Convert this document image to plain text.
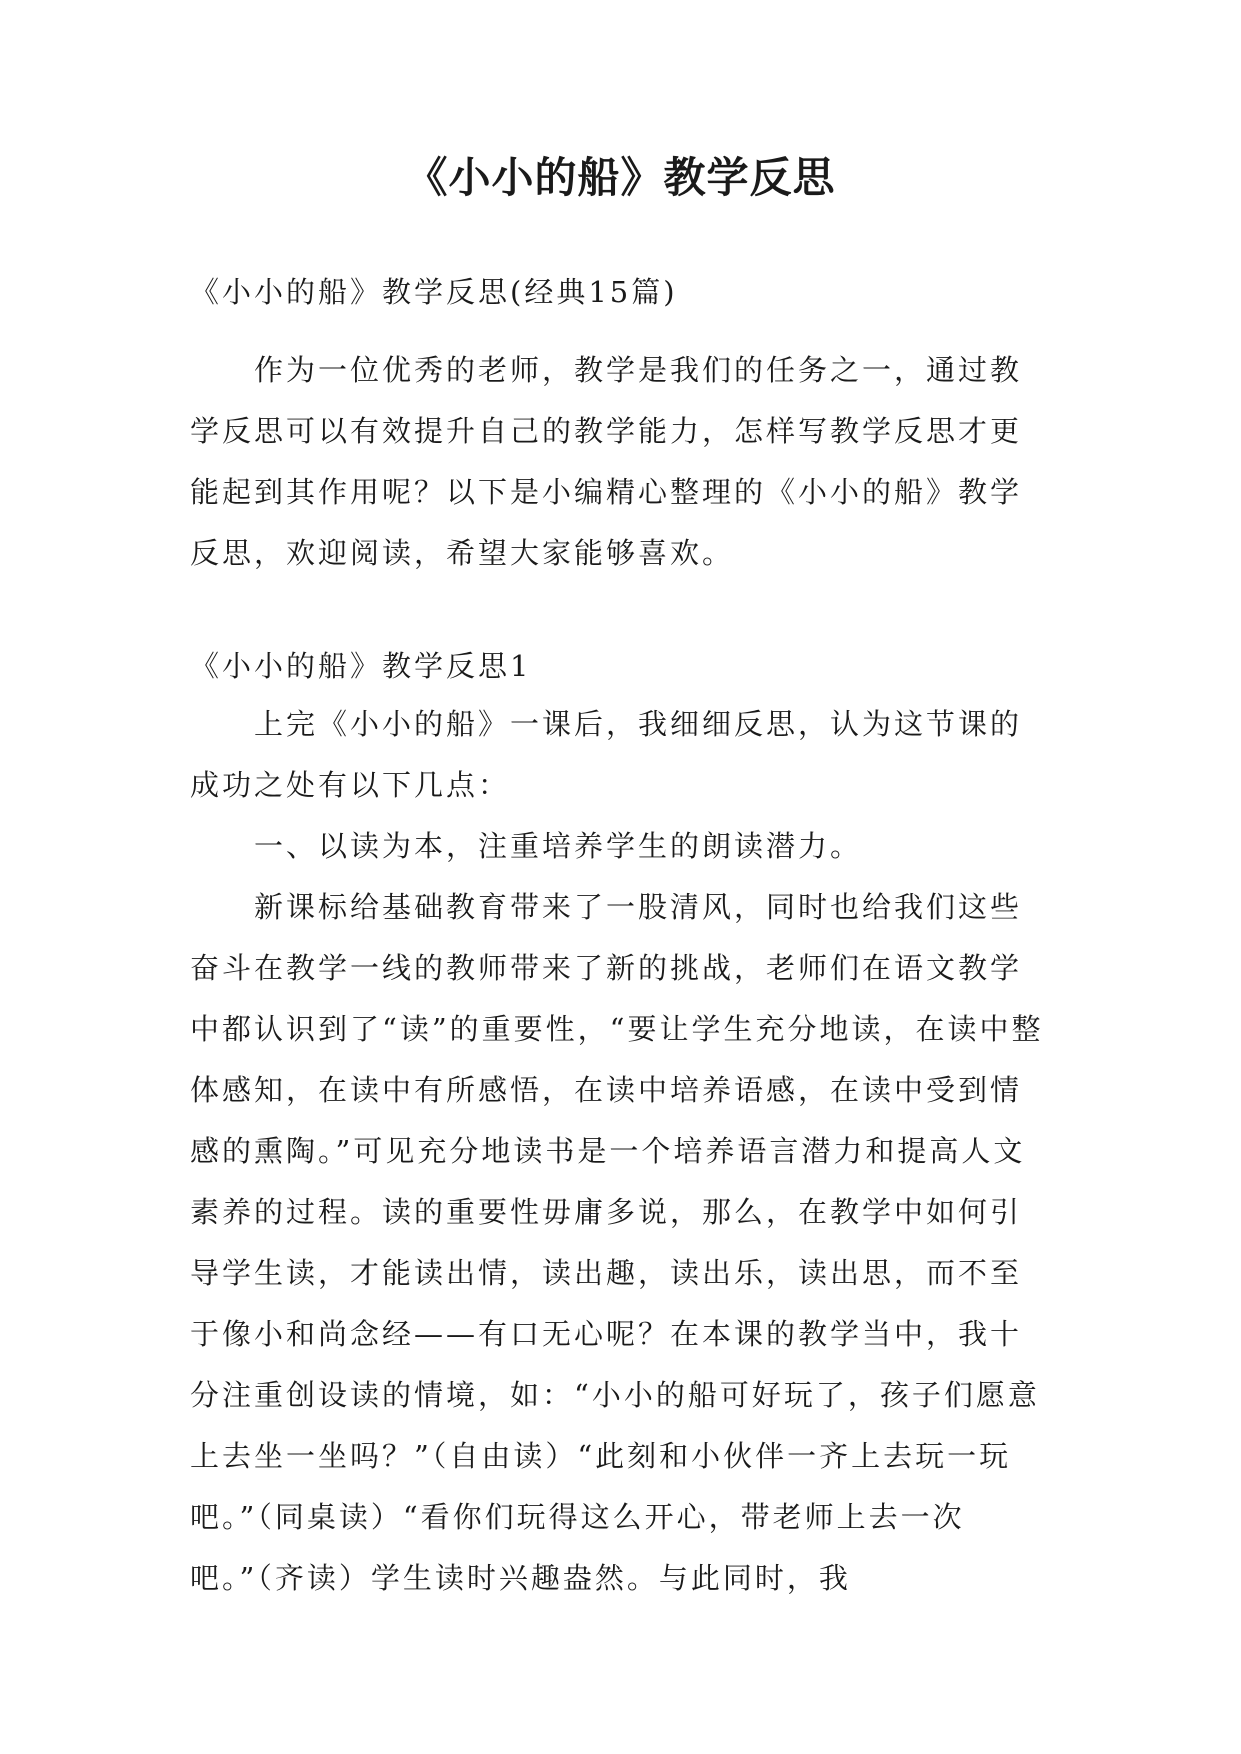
《小小的船》教学反思

《小小的船》教学反思(经典15篇)

作为一位优秀的老师，教学是我们的任务之一，通过教学反思可以有效提升自己的教学能力，怎样写教学反思才更能起到其作用呢？以下是小编精心整理的《小小的船》教学反思，欢迎阅读，希望大家能够喜欢。

《小小的船》教学反思1

上完《小小的船》一课后，我细细反思，认为这节课的成功之处有以下几点：

一、以读为本，注重培养学生的朗读潜力。

新课标给基础教育带来了一股清风，同时也给我们这些奋斗在教学一线的教师带来了新的挑战，老师们在语文教学中都认识到了“读”的重要性，“要让学生充分地读，在读中整体感知，在读中有所感悟，在读中培养语感，在读中受到情感的熏陶。”可见充分地读书是一个培养语言潜力和提高人文素养的过程。读的重要性毋庸多说，那么，在教学中如何引导学生读，才能读出情，读出趣，读出乐，读出思，而不至于像小和尚念经——有口无心呢？在本课的教学当中，我十分注重创设读的情境，如：“小小的船可好玩了，孩子们愿意上去坐一坐吗？”（自由读）“此刻和小伙伴一齐上去玩一玩吧。”（同桌读）“看你们玩得这么开心，带老师上去一次吧。”（齐读）学生读时兴趣盎然。与此同时，我
